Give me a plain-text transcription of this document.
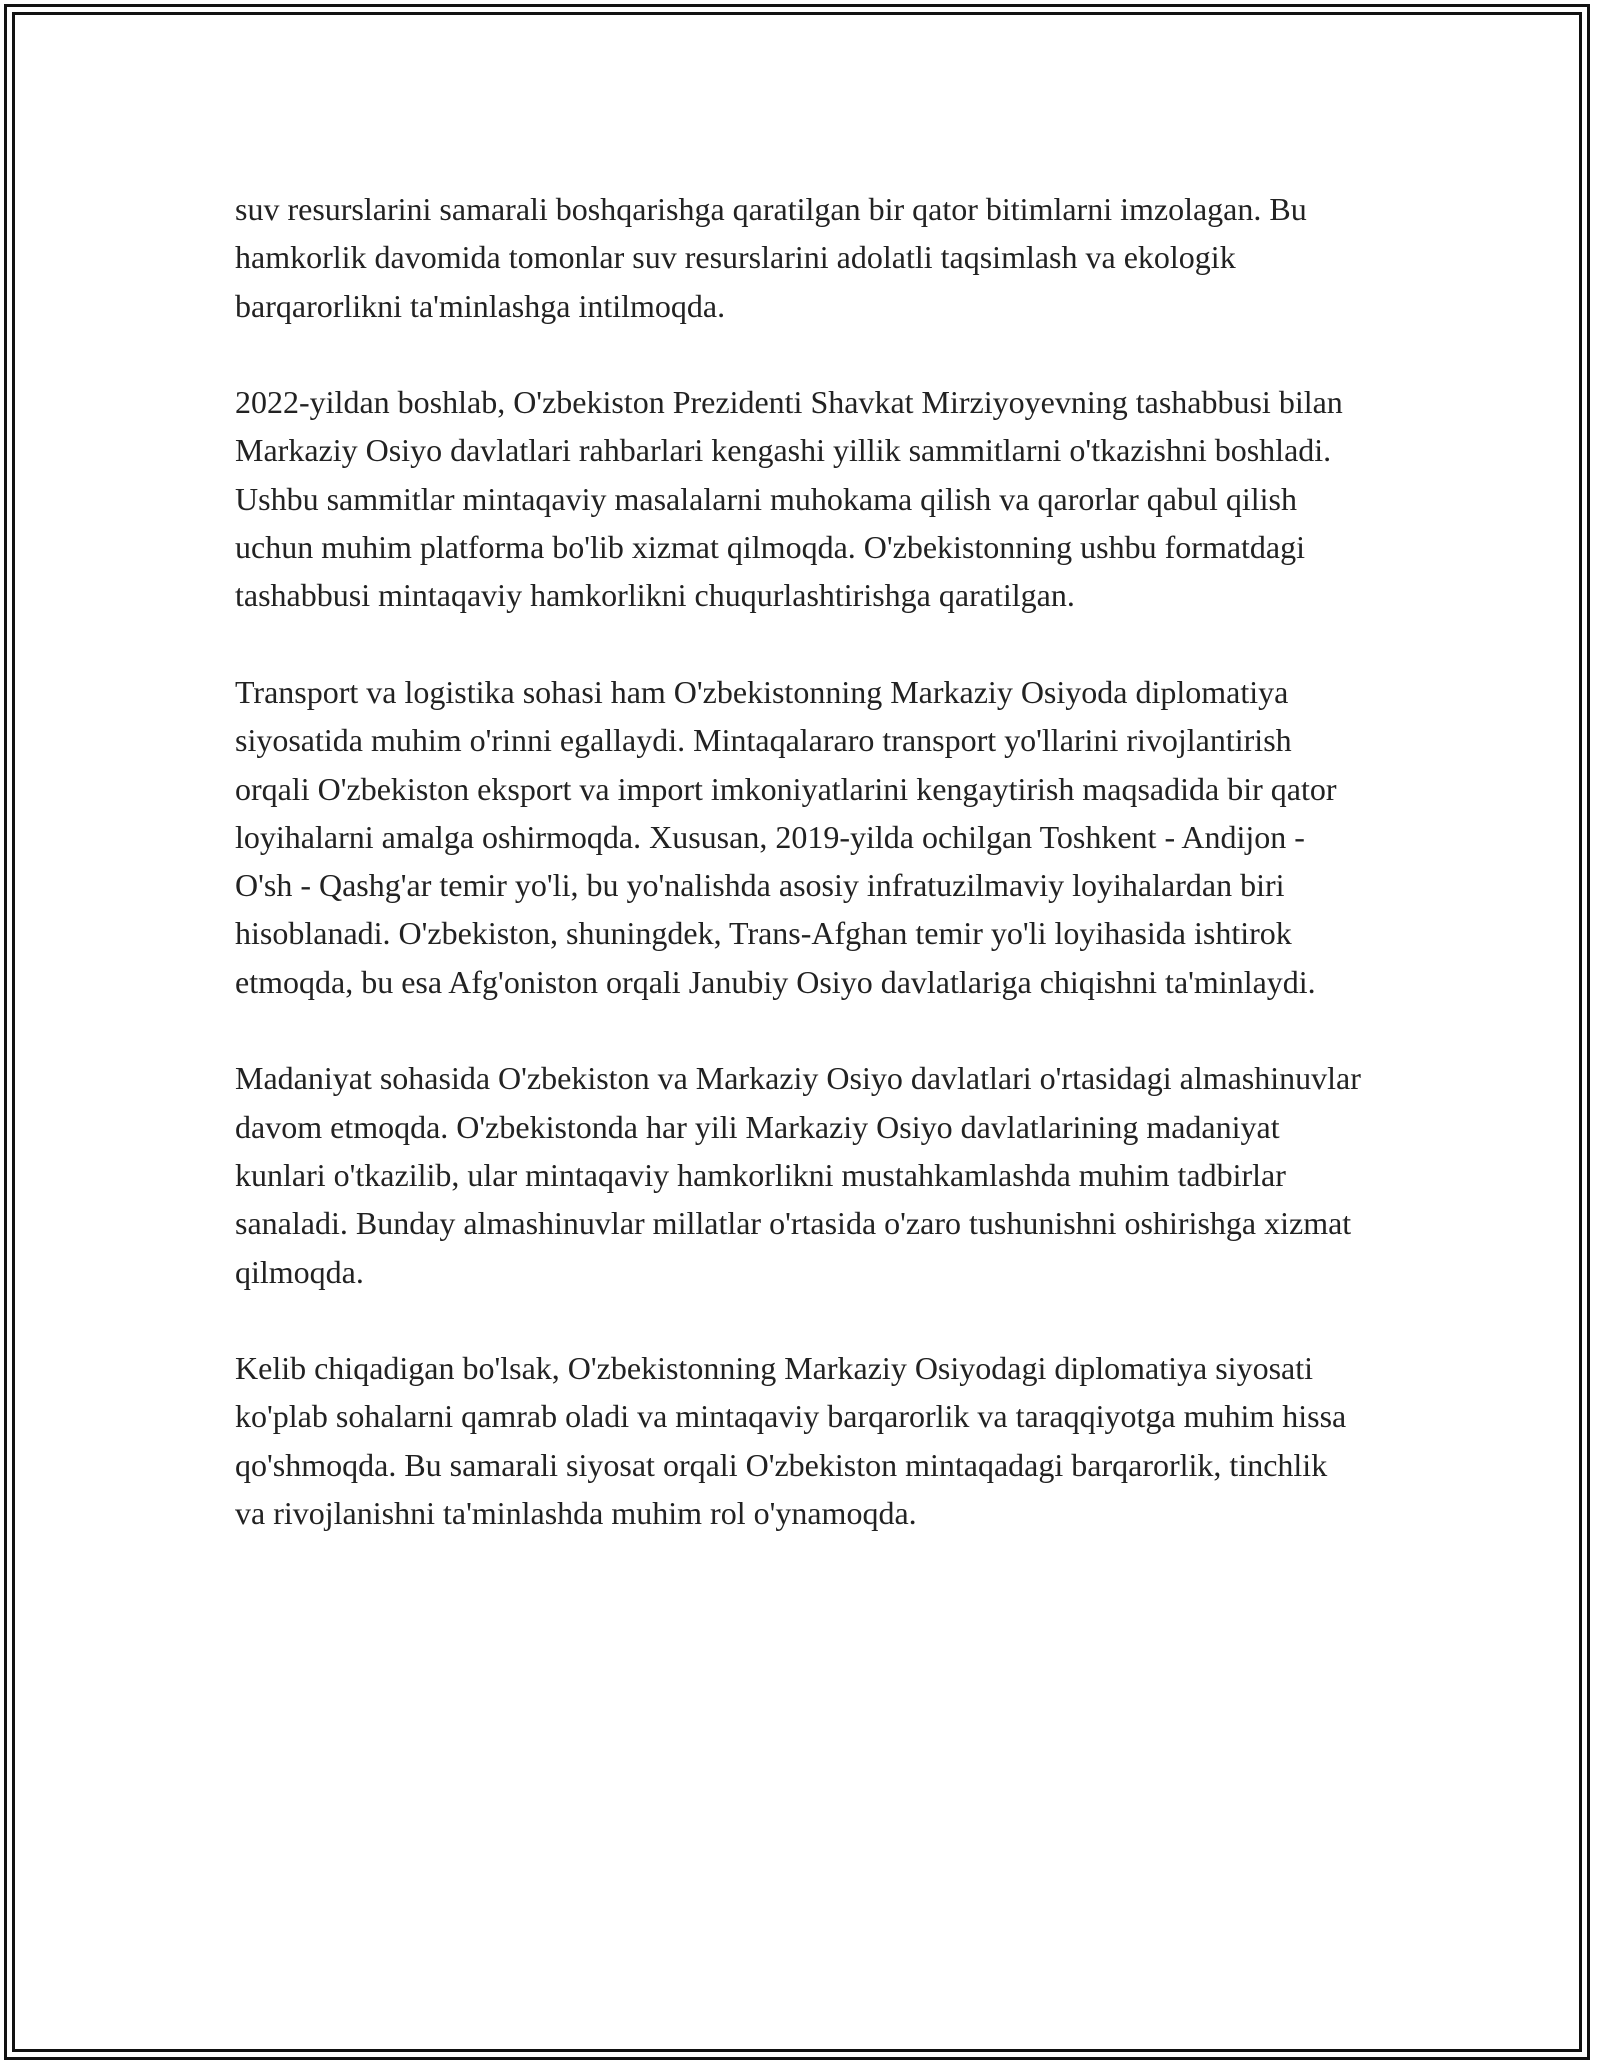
suv resurslarini samarali boshqarishga qaratilgan bir qator bitimlarni imzolagan. Bu hamkorlik davomida tomonlar suv resurslarini adolatli taqsimlash va ekologik barqarorlikni ta'minlashga intilmoqda.

2022-yildan boshlab, O'zbekiston Prezidenti Shavkat Mirziyoyevning tashabbusi bilan Markaziy Osiyo davlatlari rahbarlari kengashi yillik sammitlarni o'tkazishni boshladi. Ushbu sammitlar mintaqaviy masalalarni muhokama qilish va qarorlar qabul qilish uchun muhim platforma bo'lib xizmat qilmoqda. O'zbekistonning ushbu formatdagi tashabbusi mintaqaviy hamkorlikni chuqurlashtirishga qaratilgan.

Transport va logistika sohasi ham O'zbekistonning Markaziy Osiyoda diplomatiya siyosatida muhim o'rinni egallaydi. Mintaqalararo transport yo'llarini rivojlantirish orqali O'zbekiston eksport va import imkoniyatlarini kengaytirish maqsadida bir qator loyihalarni amalga oshirmoqda. Xususan, 2019-yilda ochilgan Toshkent - Andijon - O'sh - Qashg'ar temir yo'li, bu yo'nalishda asosiy infratuzilmaviy loyihalardan biri hisoblanadi. O'zbekiston, shuningdek, Trans-Afghan temir yo'li loyihasida ishtirok etmoqda, bu esa Afg'oniston orqali Janubiy Osiyo davlatlariga chiqishni ta'minlaydi.

Madaniyat sohasida O'zbekiston va Markaziy Osiyo davlatlari o'rtasidagi almashinuvlar davom etmoqda. O'zbekistonda har yili Markaziy Osiyo davlatlarining madaniyat kunlari o'tkazilib, ular mintaqaviy hamkorlikni mustahkamlashda muhim tadbirlar sanaladi. Bunday almashinuvlar millatlar o'rtasida o'zaro tushunishni oshirishga xizmat qilmoqda.

Kelib chiqadigan bo'lsak, O'zbekistonning Markaziy Osiyodagi diplomatiya siyosati ko'plab sohalarni qamrab oladi va mintaqaviy barqarorlik va taraqqiyotga muhim hissa qo'shmoqda. Bu samarali siyosat orqali O'zbekiston mintaqadagi barqarorlik, tinchlik va rivojlanishni ta'minlashda muhim rol o'ynamoqda.
